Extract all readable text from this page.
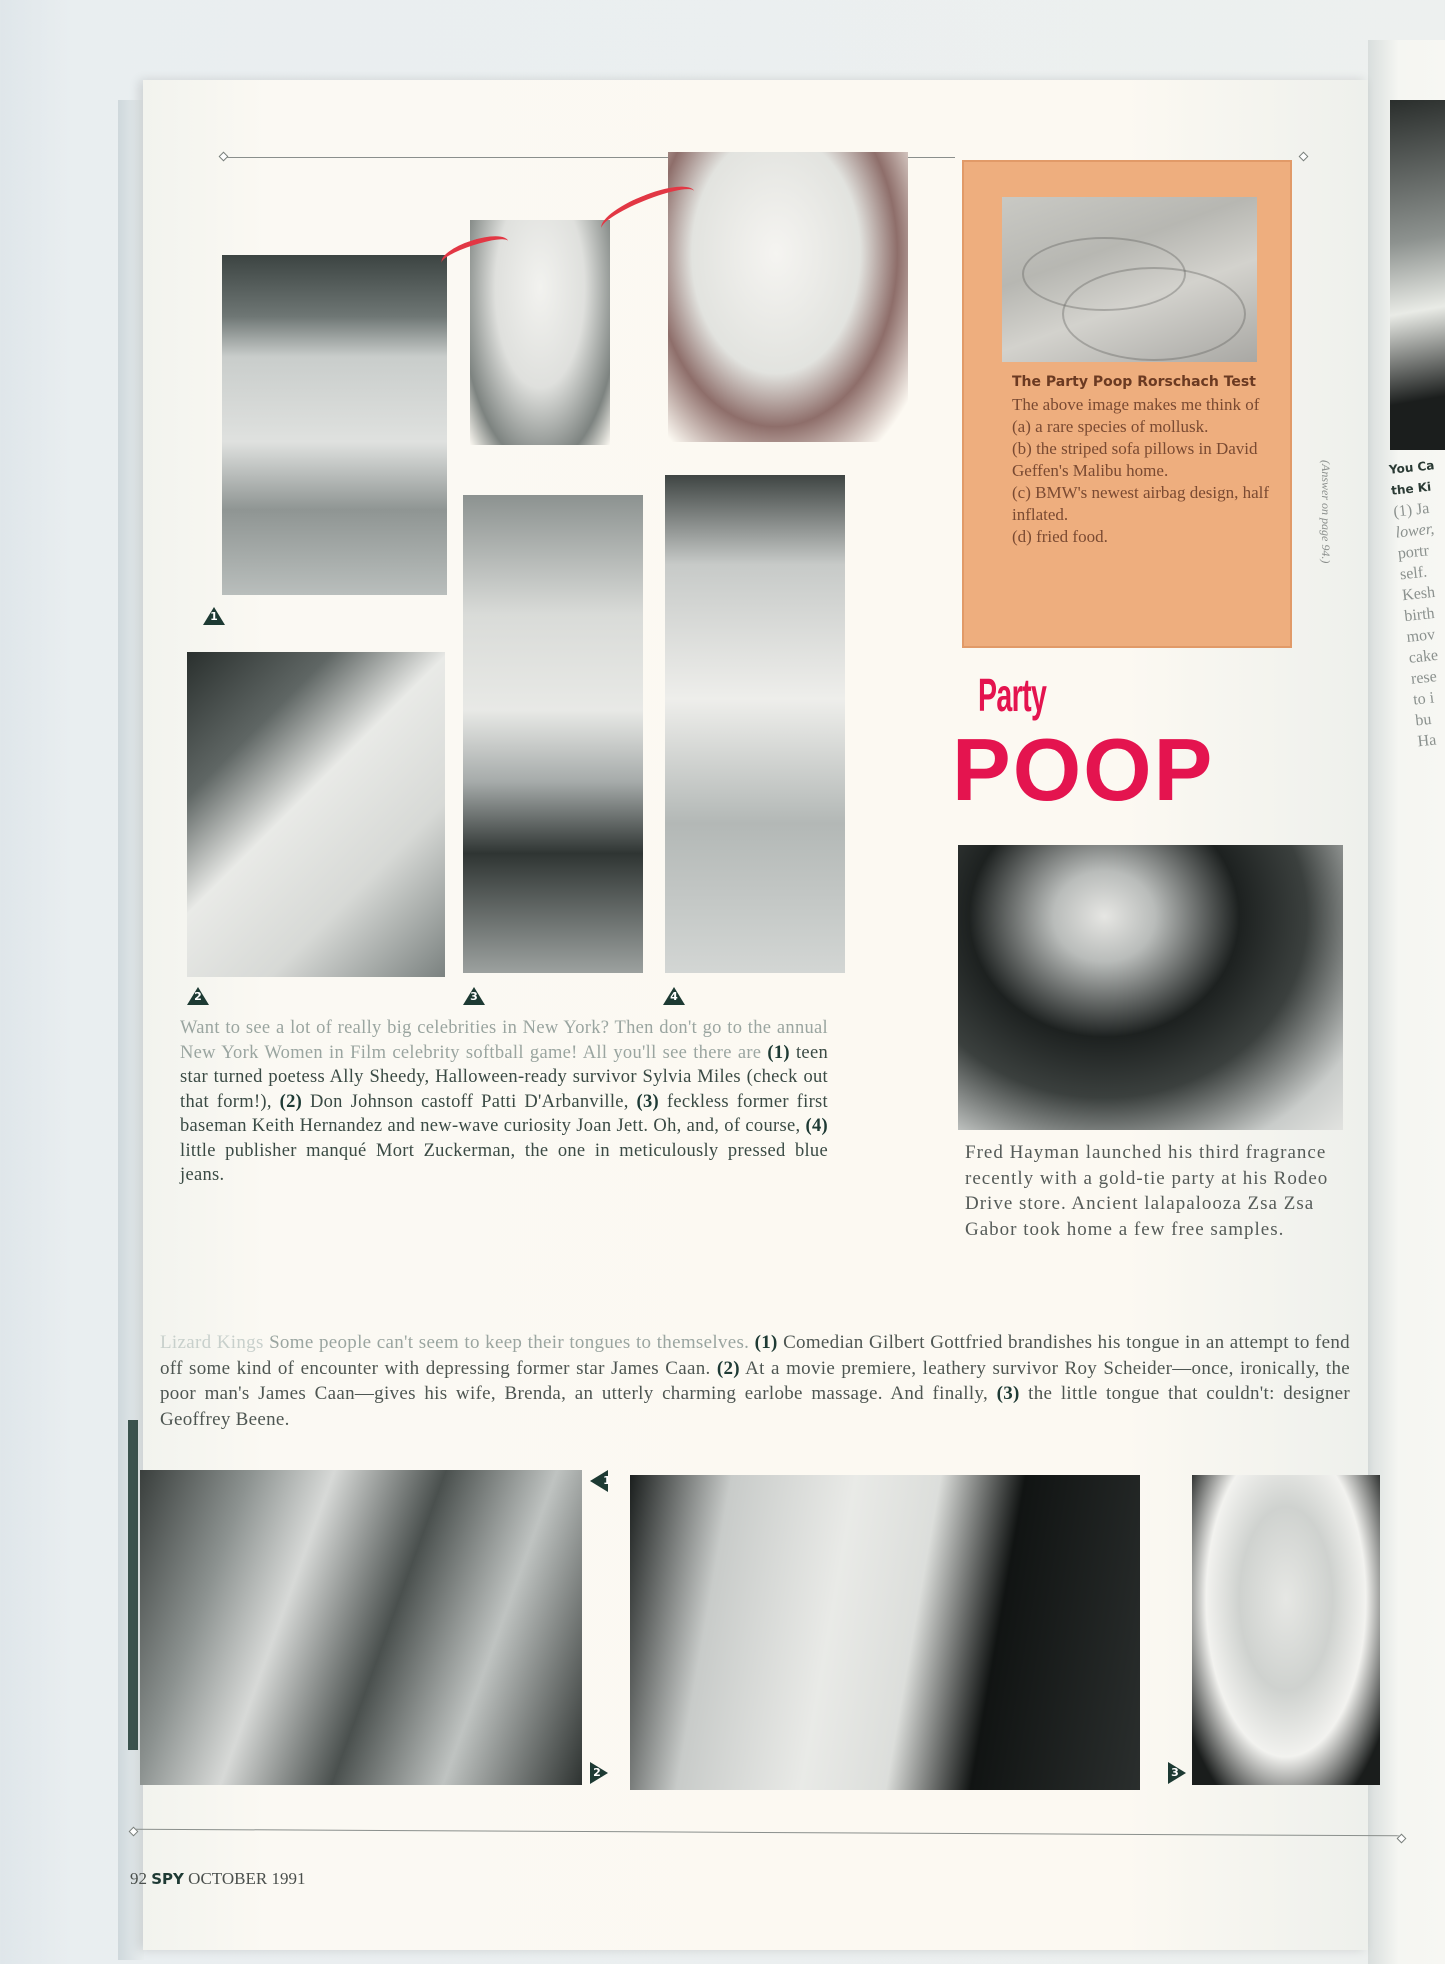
You Ca the Ki
(1) Ja
lower,
portr
self.
Kesh
birth
mov
cake
rese
to i
bu
Ha
1
2	3	4
Want to see a lot of really big celebrities in New York? Then don't go to the annual New York Women in Film celebrity softball game! All you'll see there are (1) teen star turned poetess Ally Sheedy, Halloween-ready survivor Sylvia Miles (check out that form!), (2) Don Johnson castoff Patti D'Arbanville, (3) feckless former first baseman Keith Hernandez and new-wave curiosity Joan Jett. Oh, and, of course, (4) little publisher manqué Mort Zuckerman, the one in meticulously pressed blue jeans.
The Party Poop Rorschach Test
The above image makes me think of
(a) a rare species of mollusk.
(b) the striped sofa pillows in David Geffen's Malibu home.
(c) BMW's newest airbag design, half inflated.
(d) fried food.	(Answer on page 94.)
Party
POOP
Fred Hayman launched his third fragrance recently with a gold-tie party at his Rodeo Drive store. Ancient lalapalooza Zsa Zsa Gabor took home a few free samples.
Lizard Kings Some people can't seem to keep their tongues to themselves. (1) Comedian Gilbert Gottfried brandishes his tongue in an attempt to fend off some kind of encounter with depressing former star James Caan. (2) At a movie premiere, leathery survivor Roy Scheider—once, ironically, the poor man's James Caan—gives his wife, Brenda, an utterly charming earlobe massage. And finally, (3) the little tongue that couldn't: designer Geoffrey Beene.
1
2	3
92 SPY OCTOBER 1991
